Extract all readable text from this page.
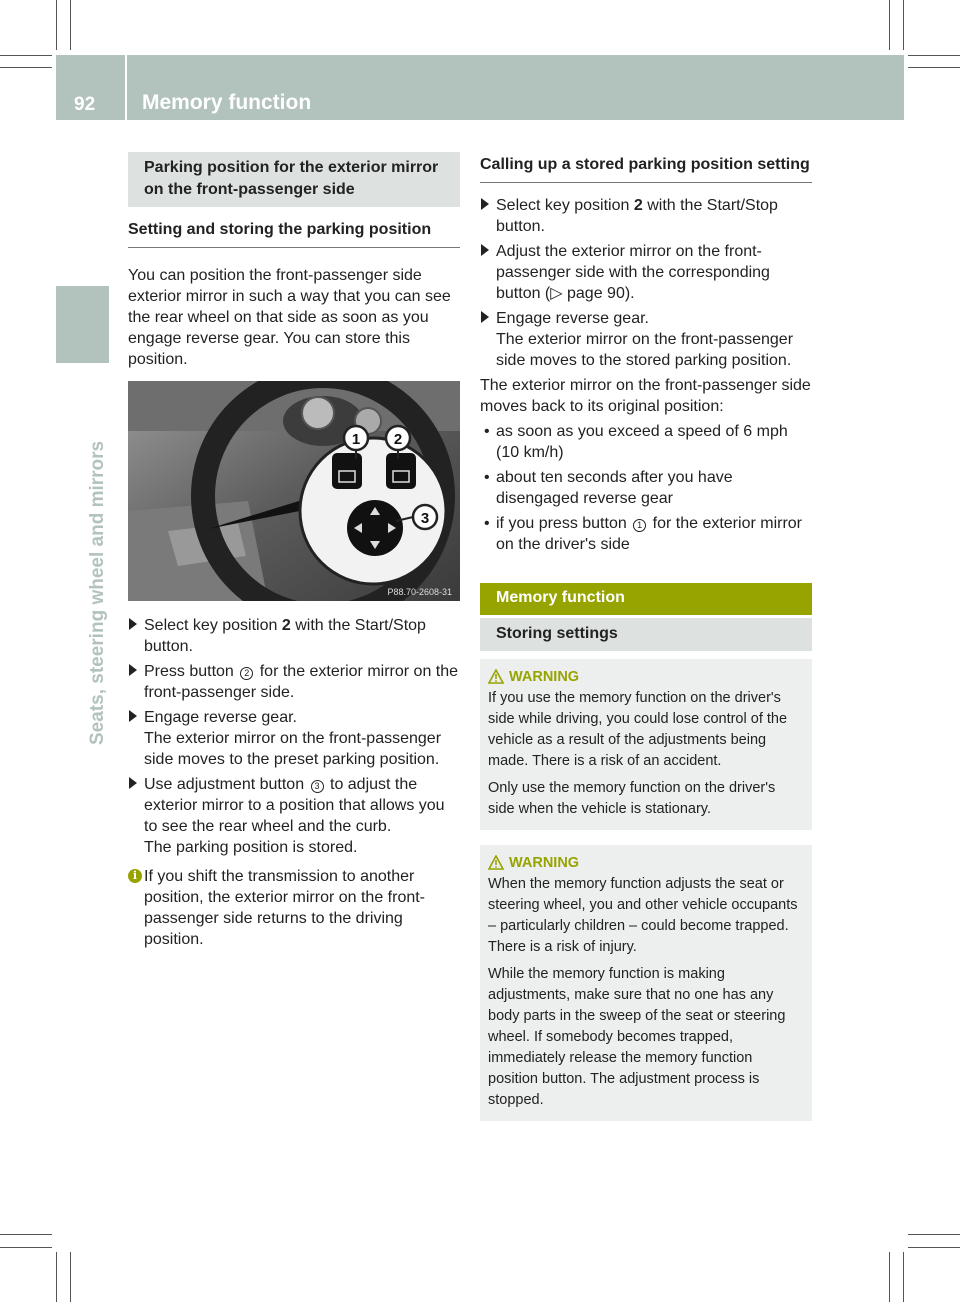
92 Memory function
Seats, steering wheel and mirrors
Parking position for the exterior mirror on the front-passenger side
Setting and storing the parking position
You can position the front-passenger side exterior mirror in such a way that you can see the rear wheel on that side as soon as you engage reverse gear. You can store this position.
1 2
3
P88.70-2608-31
Select key position 2 with the Start/Stop button.
Press button 2 for the exterior mirror on the front-passenger side.
Engage reverse gear.
The exterior mirror on the front-passenger side moves to the preset parking position.
Use adjustment button 3 to adjust the exterior mirror to a position that allows you to see the rear wheel and the curb.
The parking position is stored.
i If you shift the transmission to another position, the exterior mirror on the front-passenger side returns to the driving position.
Calling up a stored parking position setting
Select key position 2 with the Start/Stop button.
Adjust the exterior mirror on the front-passenger side with the corresponding button (▷ page 90).
Engage reverse gear.
The exterior mirror on the front-passenger side moves to the stored parking position.
The exterior mirror on the front-passenger side moves back to its original position:
• as soon as you exceed a speed of 6 mph (10 km/h)
• about ten seconds after you have disengaged reverse gear
• if you press button 1 for the exterior mirror on the driver's side
Memory function
Storing settings
WARNING
If you use the memory function on the driver's side while driving, you could lose control of the vehicle as a result of the adjustments being made. There is a risk of an accident.
Only use the memory function on the driver's side when the vehicle is stationary.
WARNING
When the memory function adjusts the seat or steering wheel, you and other vehicle occupants – particularly children – could become trapped. There is a risk of injury.
While the memory function is making adjustments, make sure that no one has any body parts in the sweep of the seat or steering wheel. If somebody becomes trapped, immediately release the memory function position button. The adjustment process is stopped.
